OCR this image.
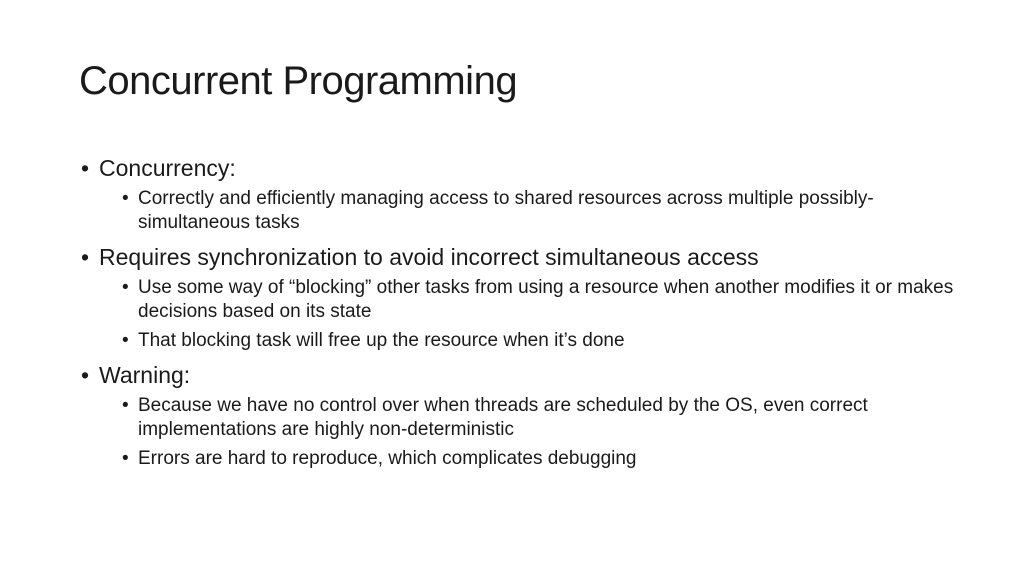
Concurrent Programming
• Concurrency:
• Correctly and efficiently managing access to shared resources across multiple possibly-simultaneous tasks
• Requires synchronization to avoid incorrect simultaneous access
• Use some way of “blocking” other tasks from using a resource when another modifies it or makes decisions based on its state
• That blocking task will free up the resource when it’s done
• Warning:
• Because we have no control over when threads are scheduled by the OS, even correct implementations are highly non-deterministic
• Errors are hard to reproduce, which complicates debugging
